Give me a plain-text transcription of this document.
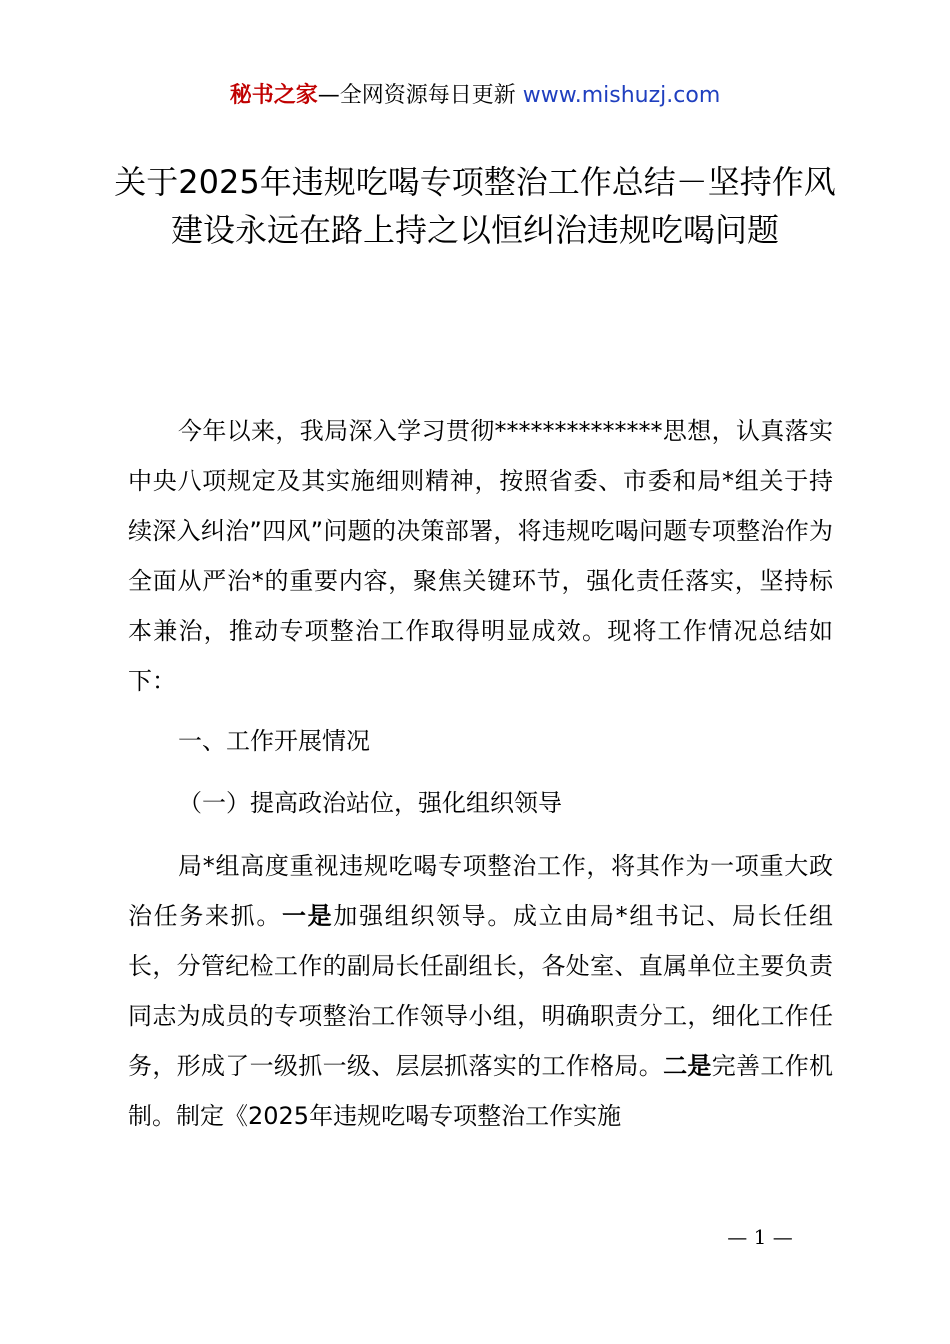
秘书之家—全网资源每日更新 www.mishuzj.com
关于2025年违规吃喝专项整治工作总结－坚持作风建设永远在路上持之以恒纠治违规吃喝问题

今年以来，我局深入学习贯彻**************思想，认真落实中央八项规定及其实施细则精神，按照省委、市委和局*组关于持续深入纠治”四风”问题的决策部署，将违规吃喝问题专项整治作为全面从严治*的重要内容，聚焦关键环节，强化责任落实，坚持标本兼治，推动专项整治工作取得明显成效。现将工作情况总结如下：

一、工作开展情况

（一）提高政治站位，强化组织领导

局*组高度重视违规吃喝专项整治工作，将其作为一项重大政治任务来抓。一是加强组织领导。成立由局*组书记、局长任组长，分管纪检工作的副局长任副组长，各处室、直属单位主要负责同志为成员的专项整治工作领导小组，明确职责分工，细化工作任务，形成了一级抓一级、层层抓落实的工作格局。二是完善工作机制。制定《2025年违规吃喝专项整治工作实施

— 1 —
